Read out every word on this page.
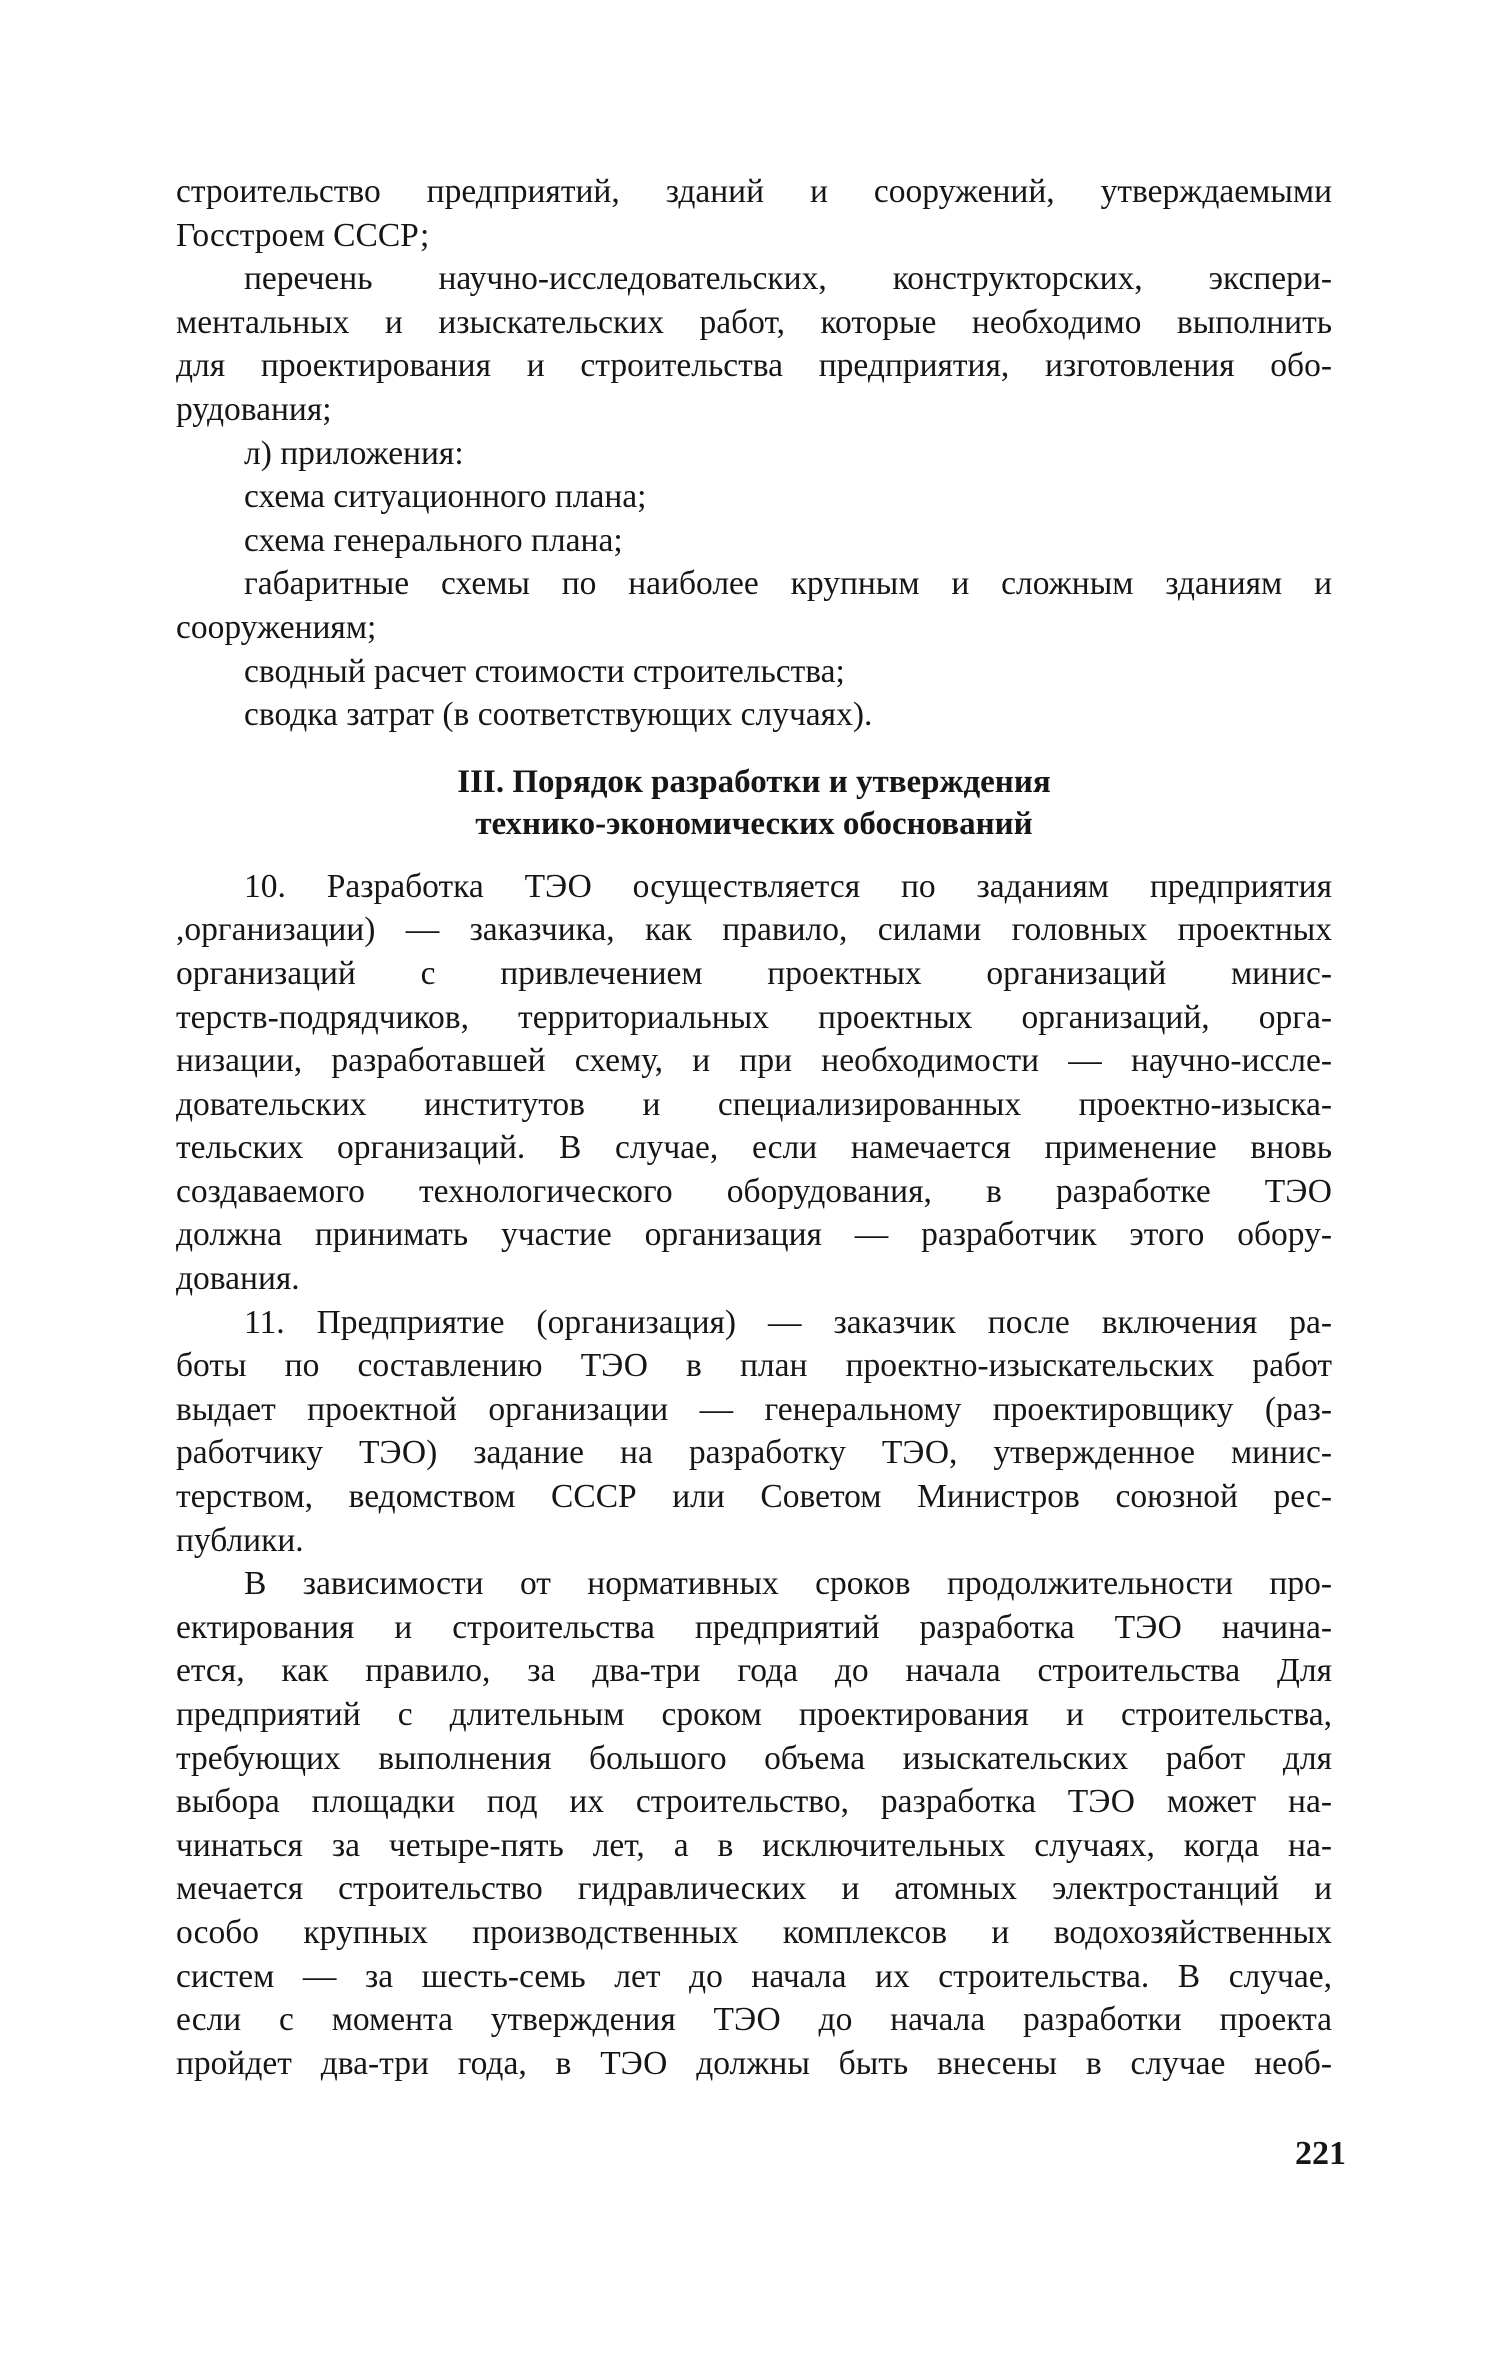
строительство предприятий, зданий и сооружений, утверждаемыми
Госстроем СССР;
перечень научно-исследовательских, конструкторских, экспери-
ментальных и изыскательских работ, которые необходимо выполнить
для проектирования и строительства предприятия, изготовления обо-
рудования;
л) приложения:
схема ситуационного плана;
схема генерального плана;
габаритные схемы по наиболее крупным и сложным зданиям и
сооружениям;
сводный расчет стоимости строительства;
сводка затрат (в соответствующих случаях).
III. Порядок разработки и утверждения
технико-экономических обоснований
10. Разработка ТЭО осуществляется по заданиям предприятия
,организации) — заказчика, как правило, силами головных проектных
организаций с привлечением проектных организаций минис-
терств-подрядчиков, территориальных проектных организаций, орга-
низации, разработавшей схему, и при необходимости — научно-иссле-
довательских институтов и специализированных проектно-изыска-
тельских организаций. В случае, если намечается применение вновь
создаваемого технологического оборудования, в разработке ТЭО
должна принимать участие организация — разработчик этого обору-
дования.
11. Предприятие (организация) — заказчик после включения ра-
боты по составлению ТЭО в план проектно-изыскательских работ
выдает проектной организации — генеральному проектировщику (раз-
работчику ТЭО) задание на разработку ТЭО, утвержденное минис-
терством, ведомством СССР или Советом Министров союзной рес-
публики.
В зависимости от нормативных сроков продолжительности про-
ектирования и строительства предприятий разработка ТЭО начина-
ется, как правило, за два-три года до начала строительства Для
предприятий с длительным сроком проектирования и строительства,
требующих выполнения большого объема изыскательских работ для
выбора площадки под их строительство, разработка ТЭО может на-
чинаться за четыре-пять лет, а в исключительных случаях, когда на-
мечается строительство гидравлических и атомных электростанций и
особо крупных производственных комплексов и водохозяйственных
систем — за шесть-семь лет до начала их строительства. В случае,
если с момента утверждения ТЭО до начала разработки проекта
пройдет два-три года, в ТЭО должны быть внесены в случае необ-
221
